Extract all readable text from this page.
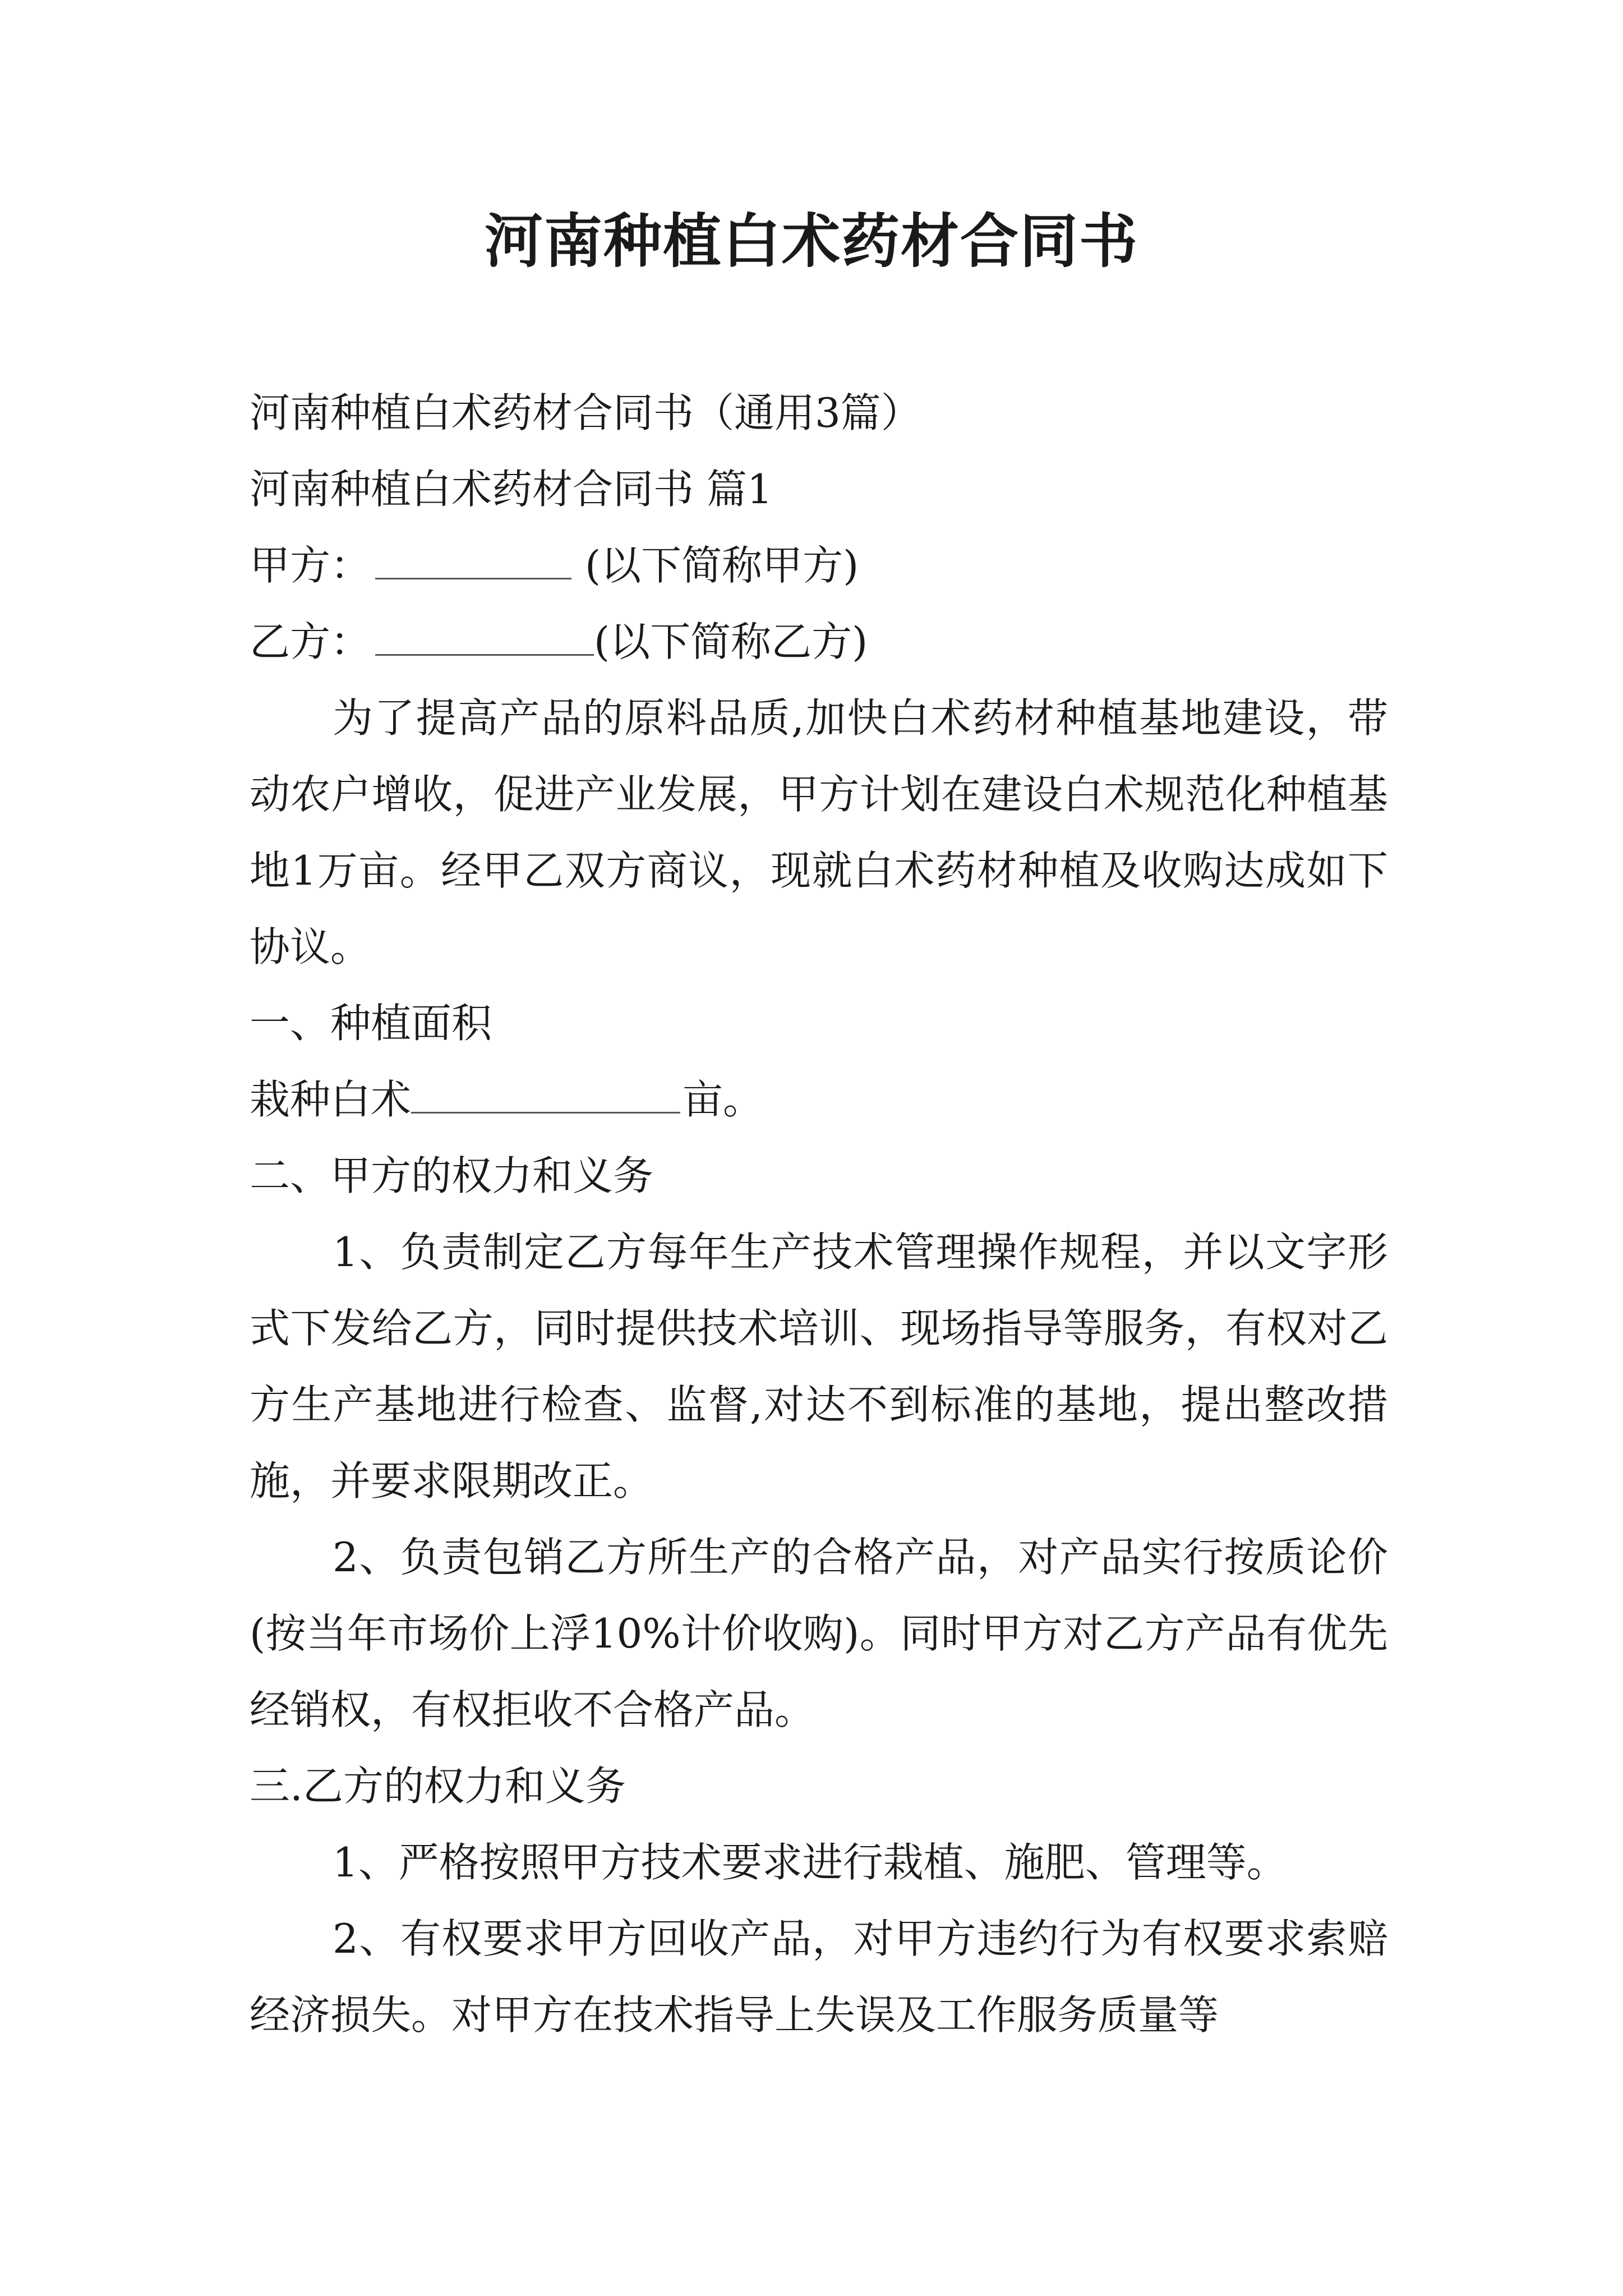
河南种植白术药材合同书

河南种植白术药材合同书（通用3篇）

河南种植白术药材合同书 篇1

甲方：	(以下简称甲方)

乙方：	(以下简称乙方)

为了提高产品的原料品质,加快白术药材种植基地建设，带动农户增收，促进产业发展，甲方计划在建设白术规范化种植基地1万亩。经甲乙双方商议，现就白术药材种植及收购达成如下协议。

一、种植面积

栽种白术	亩。

二、甲方的权力和义务

1、负责制定乙方每年生产技术管理操作规程，并以文字形式下发给乙方，同时提供技术培训、现场指导等服务，有权对乙方生产基地进行检查、监督,对达不到标准的基地，提出整改措施，并要求限期改正。

2、负责包销乙方所生产的合格产品，对产品实行按质论价(按当年市场价上浮10%计价收购)。同时甲方对乙方产品有优先经销权，有权拒收不合格产品。

三.乙方的权力和义务

1、严格按照甲方技术要求进行栽植、施肥、管理等。

2、有权要求甲方回收产品，对甲方违约行为有权要求索赔经济损失。对甲方在技术指导上失误及工作服务质量等
